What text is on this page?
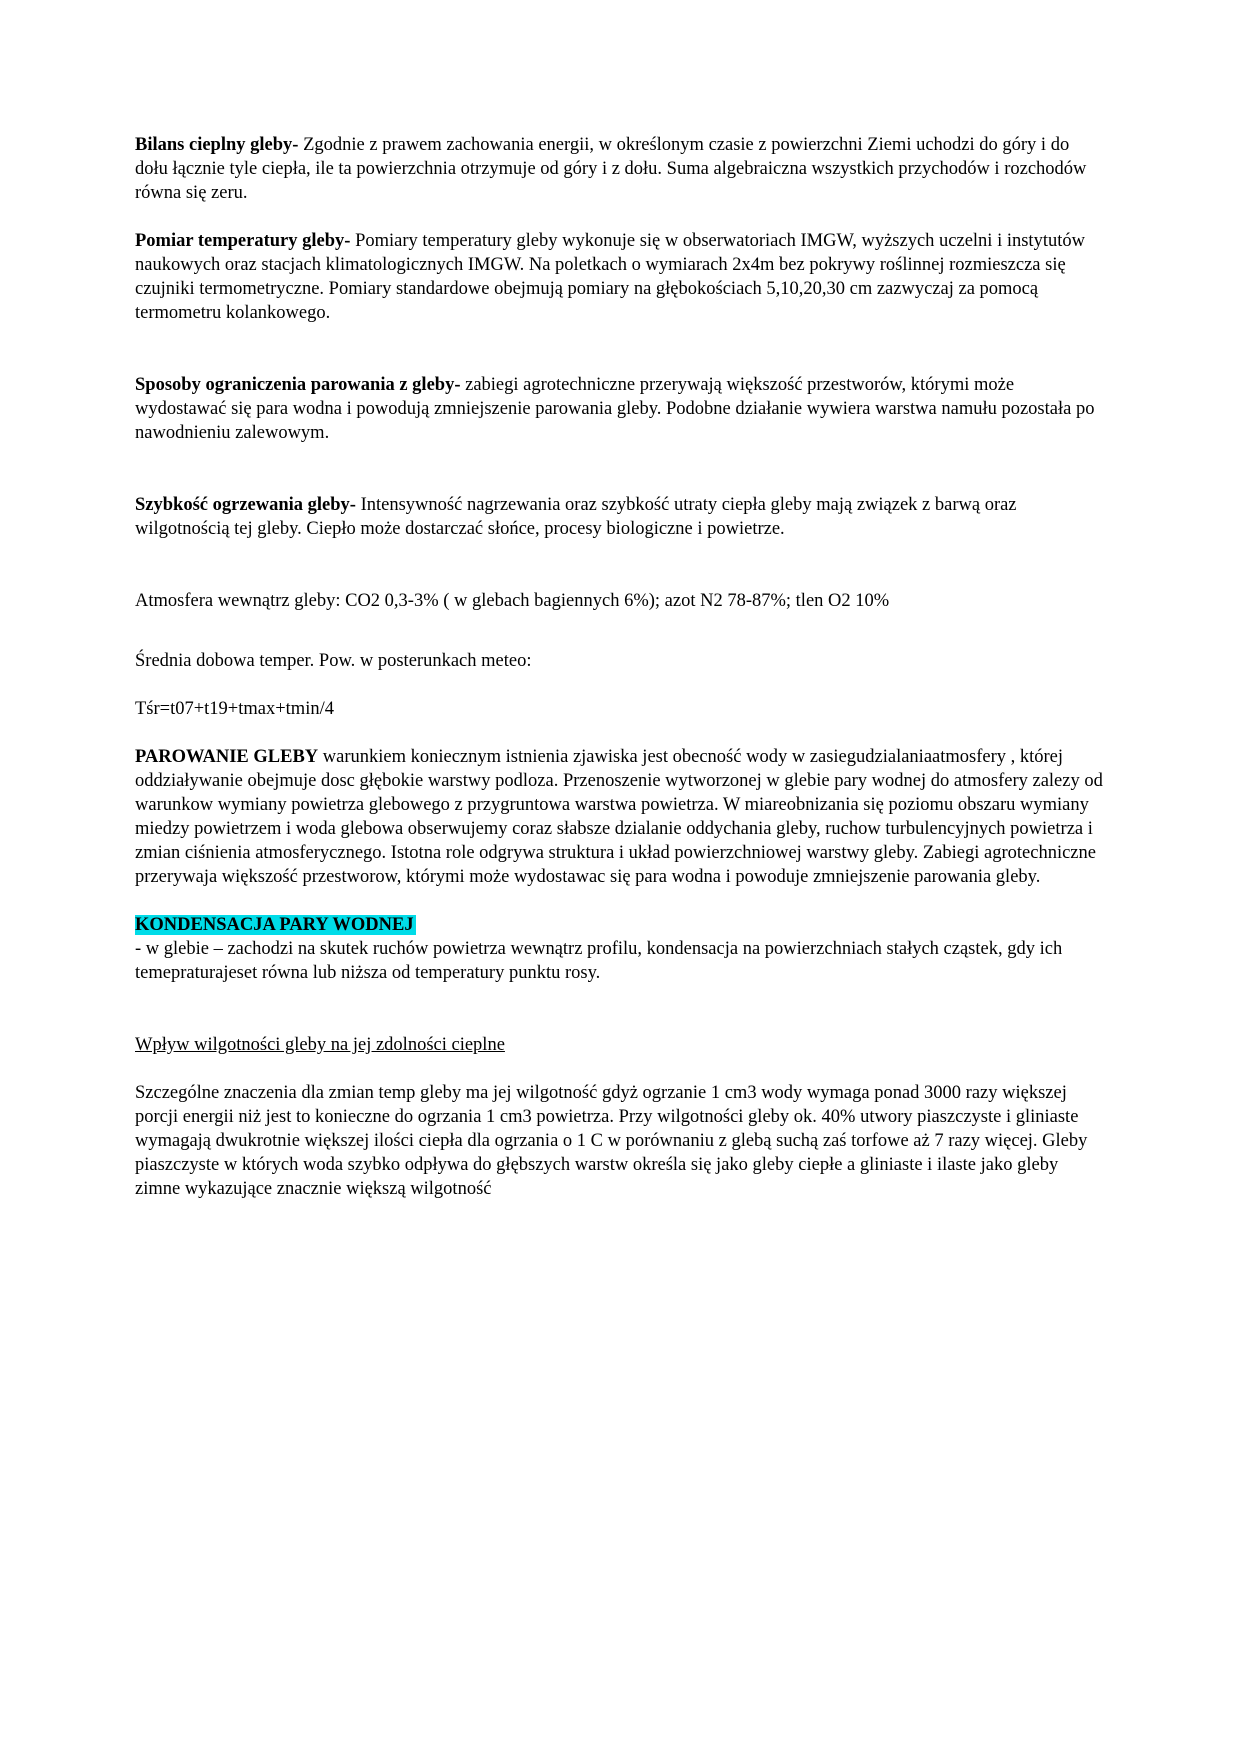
Bilans cieplny gleby- Zgodnie z prawem zachowania energii, w określonym czasie z powierzchni Ziemi uchodzi do góry i do dołu łącznie tyle ciepła, ile ta powierzchnia otrzymuje od góry i z dołu. Suma algebraiczna wszystkich przychodów i rozchodów równa się zeru.

Pomiar temperatury gleby- Pomiary temperatury gleby wykonuje się w obserwatoriach IMGW, wyższych uczelni i instytutów naukowych oraz stacjach klimatologicznych IMGW. Na poletkach o wymiarach 2x4m bez pokrywy roślinnej rozmieszcza się czujniki termometryczne. Pomiary standardowe obejmują pomiary na głębokościach 5,10,20,30 cm zazwyczaj za pomocą termometru kolankowego.

Sposoby ograniczenia parowania z gleby- zabiegi agrotechniczne przerywają większość przestworów, którymi może wydostawać się para wodna i powodują zmniejszenie parowania gleby. Podobne działanie wywiera warstwa namułu pozostała po nawodnieniu zalewowym.

Szybkość ogrzewania gleby- Intensywność nagrzewania oraz szybkość utraty ciepła gleby mają związek z barwą oraz wilgotnością tej gleby. Ciepło może dostarczać słońce, procesy biologiczne i powietrze.

Atmosfera wewnątrz gleby: CO2 0,3-3% ( w glebach bagiennych 6%); azot N2 78-87%; tlen O2 10%

Średnia dobowa temper. Pow. w posterunkach meteo:

Tśr=t07+t19+tmax+tmin/4

PAROWANIE GLEBY warunkiem koniecznym istnienia zjawiska jest obecność wody w zasiegudzialaniaatmosfery , której oddziaływanie obejmuje dosc głębokie warstwy podloza. Przenoszenie wytworzonej w glebie pary wodnej do atmosfery zalezy od warunkow wymiany powietrza glebowego z przygruntowa warstwa powietrza. W miareobnizania się poziomu obszaru wymiany miedzy powietrzem i woda glebowa obserwujemy coraz słabsze dzialanie oddychania gleby, ruchow turbulencyjnych powietrza i zmian ciśnienia atmosferycznego. Istotna role odgrywa struktura i układ powierzchniowej warstwy gleby. Zabiegi agrotechniczne przerywaja większość przestworow, którymi może wydostawac się para wodna i powoduje zmniejszenie parowania gleby.

KONDENSACJA PARY WODNEJ

- w glebie – zachodzi na skutek ruchów powietrza wewnątrz profilu, kondensacja na powierzchniach stałych cząstek, gdy ich temepraturajeset równa lub niższa od temperatury punktu rosy.

Wpływ wilgotności gleby na jej zdolności cieplne

Szczególne znaczenia dla zmian temp gleby ma jej wilgotność gdyż ogrzanie 1 cm3 wody wymaga ponad 3000 razy większej porcji energii niż jest to konieczne do ogrzania 1 cm3 powietrza. Przy wilgotności gleby ok. 40% utwory piaszczyste i gliniaste wymagają dwukrotnie większej ilości ciepła dla ogrzania o 1 C w porównaniu z glebą suchą zaś torfowe aż 7 razy więcej. Gleby piaszczyste w których woda szybko odpływa do głębszych warstw określa się jako gleby ciepłe a gliniaste i ilaste jako gleby zimne wykazujące znacznie większą wilgotność
